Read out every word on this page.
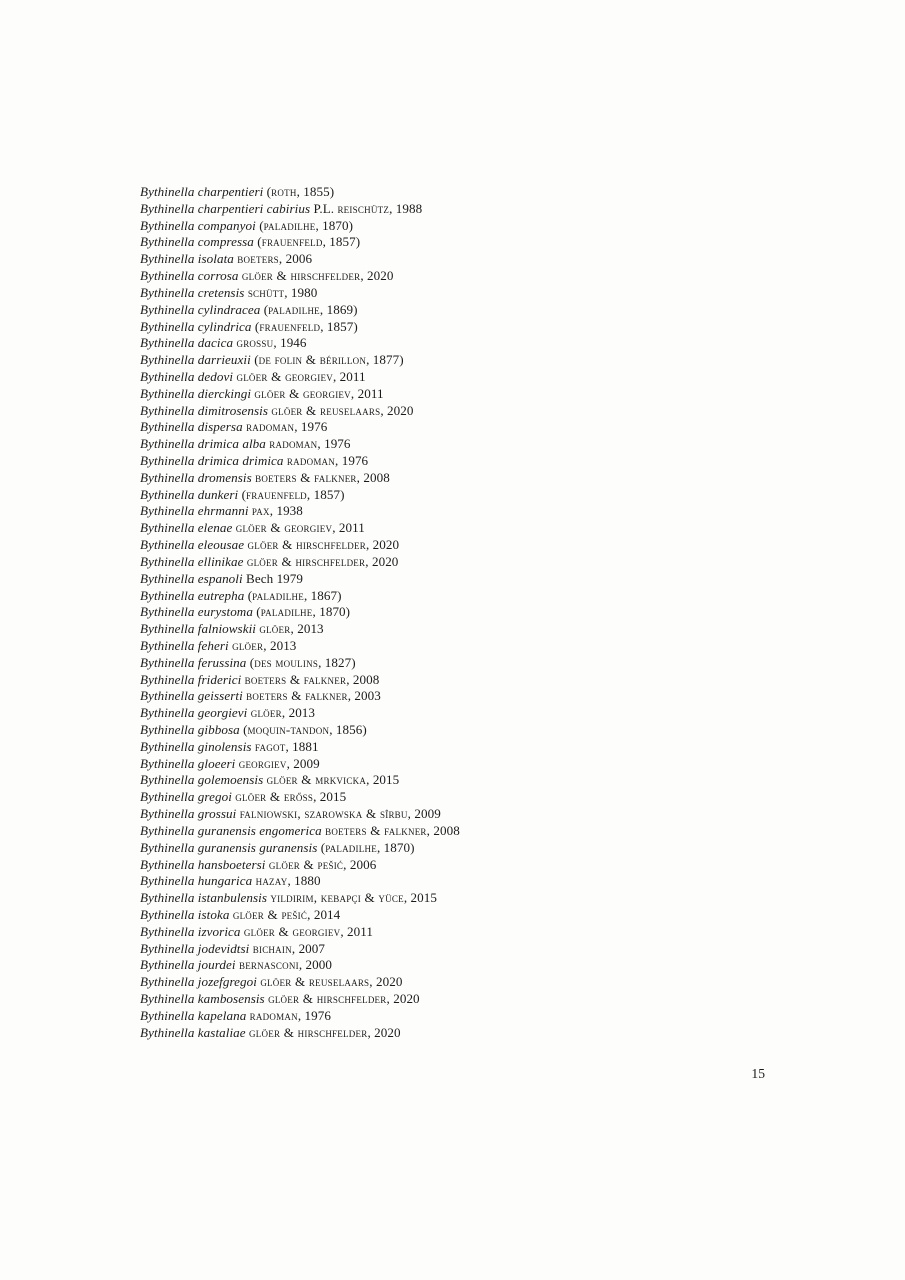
Bythinella charpentieri (roth, 1855)
Bythinella charpentieri cabirius P.L. reischütz, 1988
Bythinella companyoi (paladilhe, 1870)
Bythinella compressa (frauenfeld, 1857)
Bythinella isolata boeters, 2006
Bythinella corrosa glöer & hirschfelder, 2020
Bythinella cretensis schütt, 1980
Bythinella cylindracea (paladilhe, 1869)
Bythinella cylindrica (frauenfeld, 1857)
Bythinella dacica grossu, 1946
Bythinella darrieuxii (de folin & bérillon, 1877)
Bythinella dedovi glöer & georgiev, 2011
Bythinella dierckingi glöer & georgiev, 2011
Bythinella dimitrosensis glöer & reuselaars, 2020
Bythinella dispersa radoman, 1976
Bythinella drimica alba radoman, 1976
Bythinella drimica drimica radoman, 1976
Bythinella dromensis boeters & falkner, 2008
Bythinella dunkeri (frauenfeld, 1857)
Bythinella ehrmanni pax, 1938
Bythinella elenae glöer & georgiev, 2011
Bythinella eleousae glöer & hirschfelder, 2020
Bythinella ellinikae glöer & hirschfelder, 2020
Bythinella espanoli Bech 1979
Bythinella eutrepha (paladilhe, 1867)
Bythinella eurystoma (paladilhe, 1870)
Bythinella falniowskii glöer, 2013
Bythinella feheri glöer, 2013
Bythinella ferussina (des moulins, 1827)
Bythinella friderici boeters & falkner, 2008
Bythinella geisserti boeters & falkner, 2003
Bythinella georgievi glöer, 2013
Bythinella gibbosa (moquin-tandon, 1856)
Bythinella ginolensis fagot, 1881
Bythinella gloeeri georgiev, 2009
Bythinella golemoensis glöer & mrkvicka, 2015
Bythinella gregoi glöer & erőss, 2015
Bythinella grossui falniowski, szarowska & sîrbu, 2009
Bythinella guranensis engomerica boeters & falkner, 2008
Bythinella guranensis guranensis (paladilhe, 1870)
Bythinella hansboetersi glöer & pešić, 2006
Bythinella hungarica hazay, 1880
Bythinella istanbulensis yildirim, kebapçi & yüce, 2015
Bythinella istoka glöer & pešić, 2014
Bythinella izvorica glöer & georgiev, 2011
Bythinella jodevidtsi bichain, 2007
Bythinella jourdei bernasconi, 2000
Bythinella jozefgregoi glöer & reuselaars, 2020
Bythinella kambosensis glöer & hirschfelder, 2020
Bythinella kapelana radoman, 1976
Bythinella kastaliae glöer & hirschfelder, 2020
15
